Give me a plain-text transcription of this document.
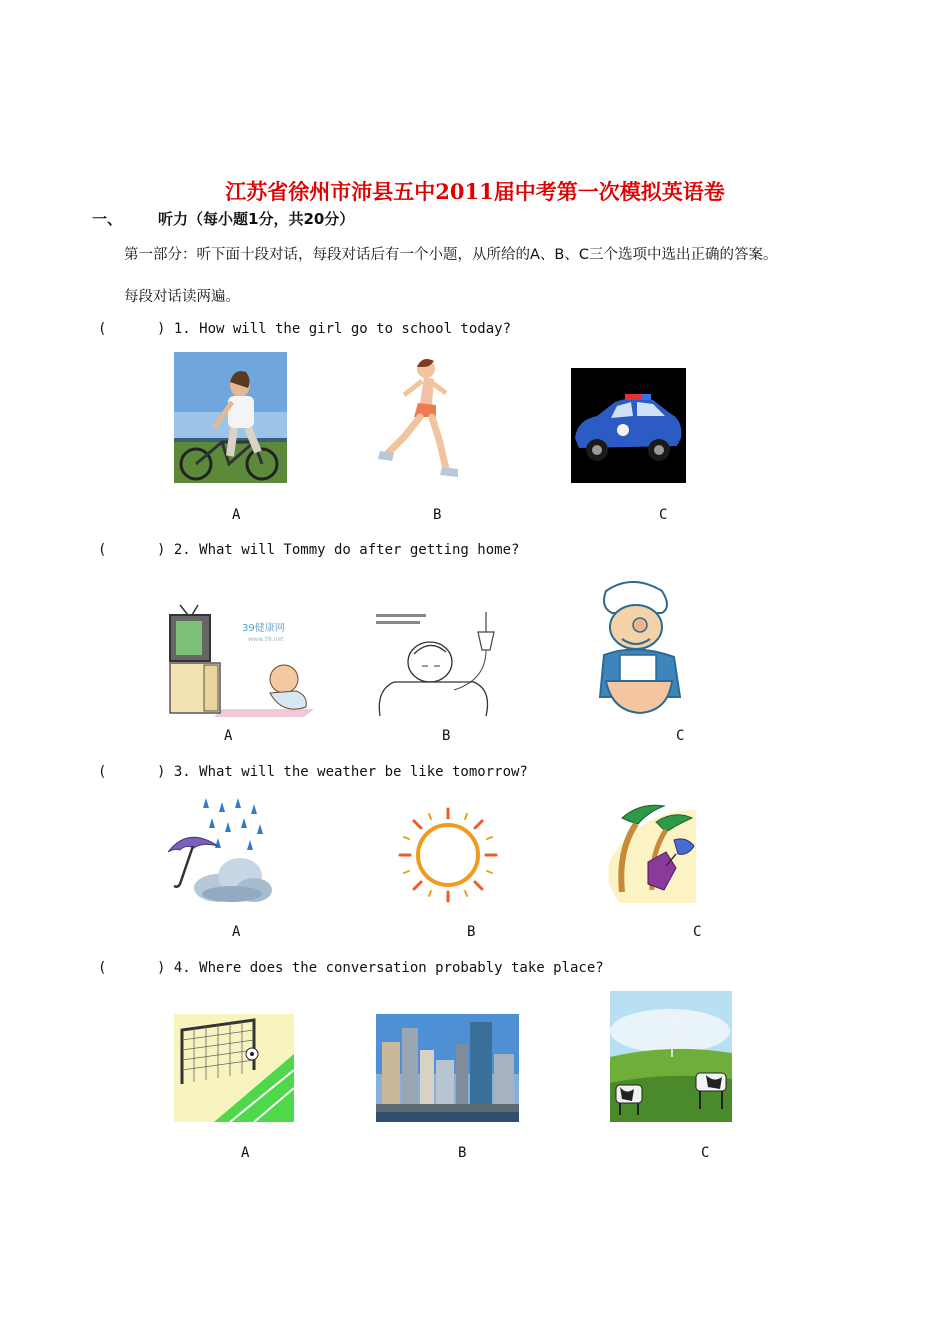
江苏省徐州市沛县五中2011届中考第一次模拟英语卷
一、 听力（每小题1分，共20分）
第一部分：听下面十段对话，每段对话后有一个小题，从所给的A、B、C三个选项中选出正确的答案。
每段对话读两遍。
(      ) 1. How will the girl go to school today?
A	B	C
(      ) 2. What will Tommy do after getting home?
39健康网
www.39.net
A	B	C
(      ) 3. What will the weather be like tomorrow?
A	B	C
(      ) 4. Where does the conversation probably take place?
A	B	C
